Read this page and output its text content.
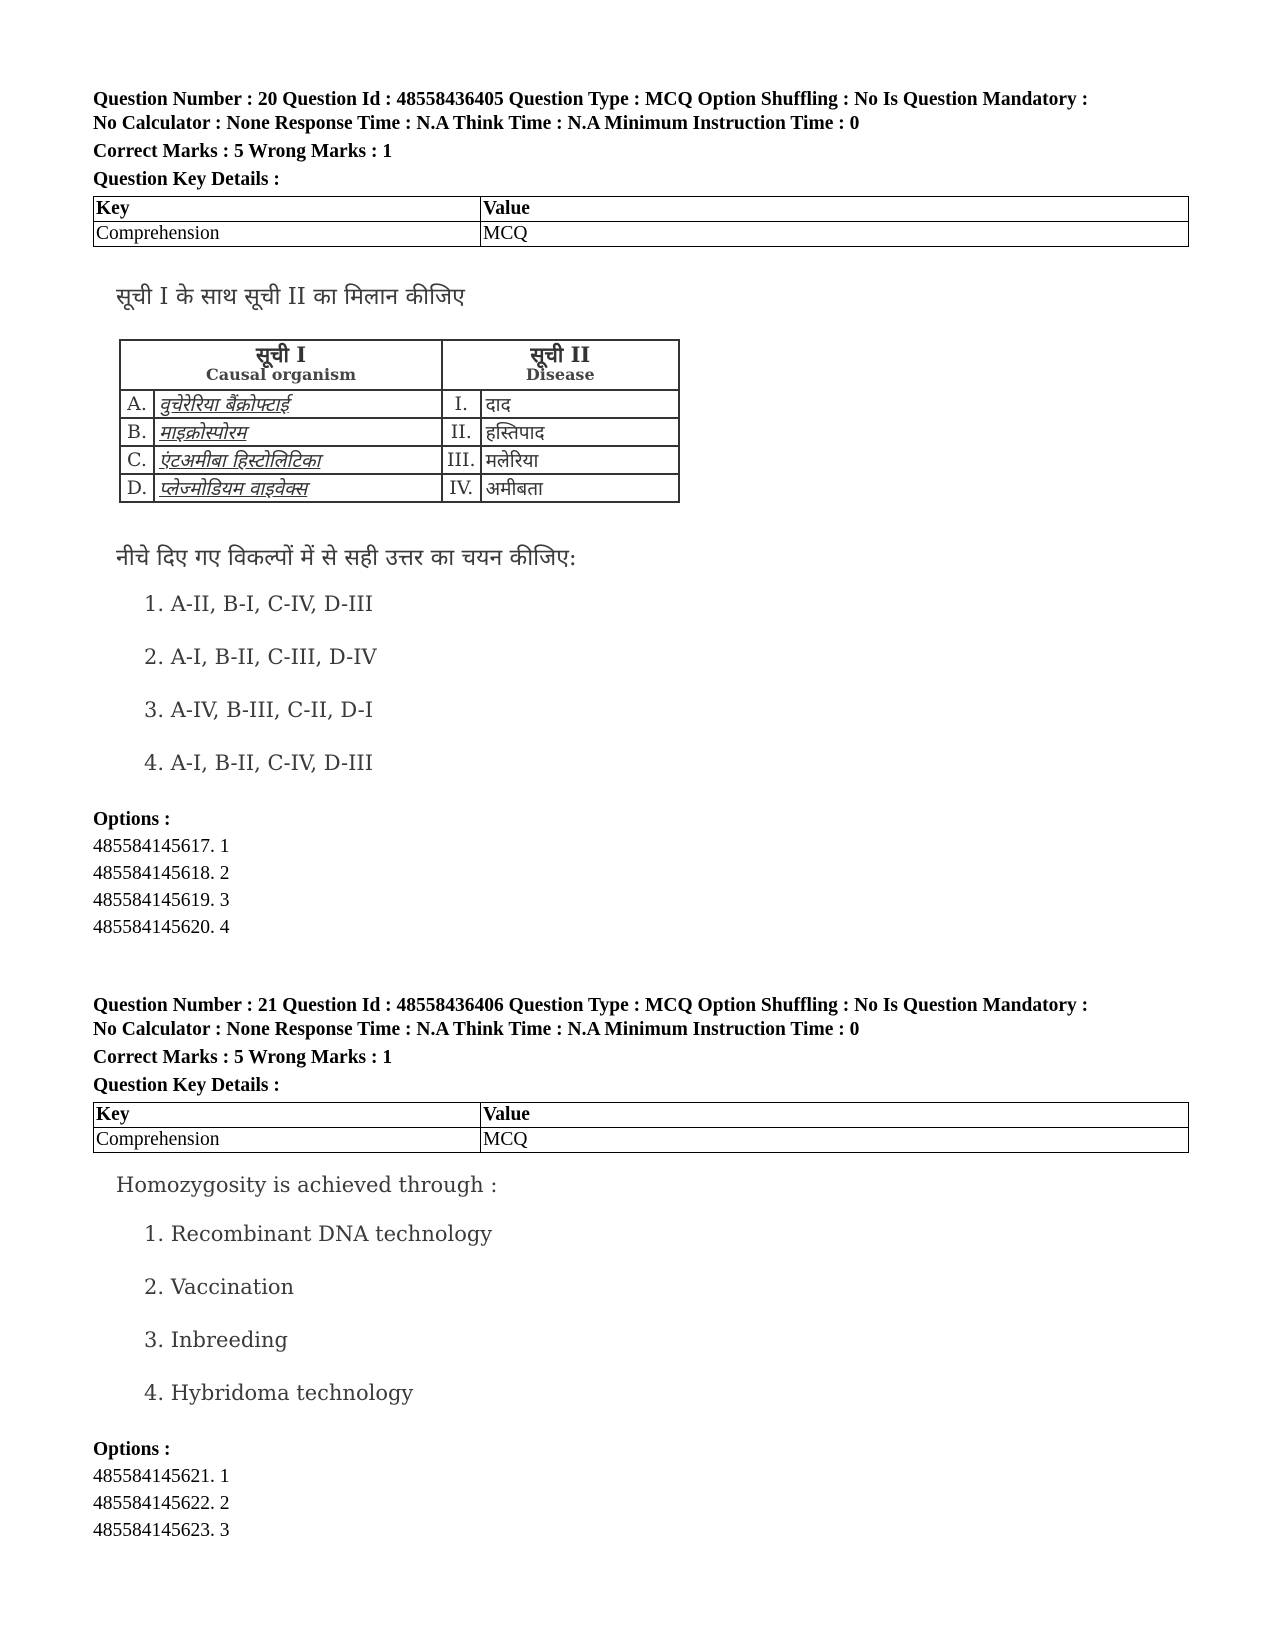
Question Number : 20 Question Id : 48558436405 Question Type : MCQ Option Shuffling : No Is Question Mandatory :
No Calculator : None Response Time : N.A Think Time : N.A Minimum Instruction Time : 0
Correct Marks : 5 Wrong Marks : 1
Question Key Details :
Key	Value
Comprehension	MCQ
सूची I के साथ सूची II का मिलान कीजिए
सूची I
Causal organism		सूची II
Disease	

A.	वुचेरेरिया बैंक्रोफ्टाई	I.	दाद
B.	माइक्रोस्पोरम	II.	हस्तिपाद
C.	एंटअमीबा हिस्टोलिटिका	III.	मलेरिया
D.	प्लेज्मोडियम वाइवेक्स	IV.	अमीबता
नीचे दिए गए विकल्पों में से सही उत्तर का चयन कीजिए:
1. A-II, B-I, C-IV, D-III
2. A-I, B-II, C-III, D-IV
3. A-IV, B-III, C-II, D-I
4. A-I, B-II, C-IV, D-III
Options :
485584145617. 1
485584145618. 2
485584145619. 3
485584145620. 4
Question Number : 21 Question Id : 48558436406 Question Type : MCQ Option Shuffling : No Is Question Mandatory :
No Calculator : None Response Time : N.A Think Time : N.A Minimum Instruction Time : 0
Correct Marks : 5 Wrong Marks : 1
Question Key Details :
Key	Value
Comprehension	MCQ
Homozygosity is achieved through :
1. Recombinant DNA technology
2. Vaccination
3. Inbreeding
4. Hybridoma technology
Options :
485584145621. 1
485584145622. 2
485584145623. 3
